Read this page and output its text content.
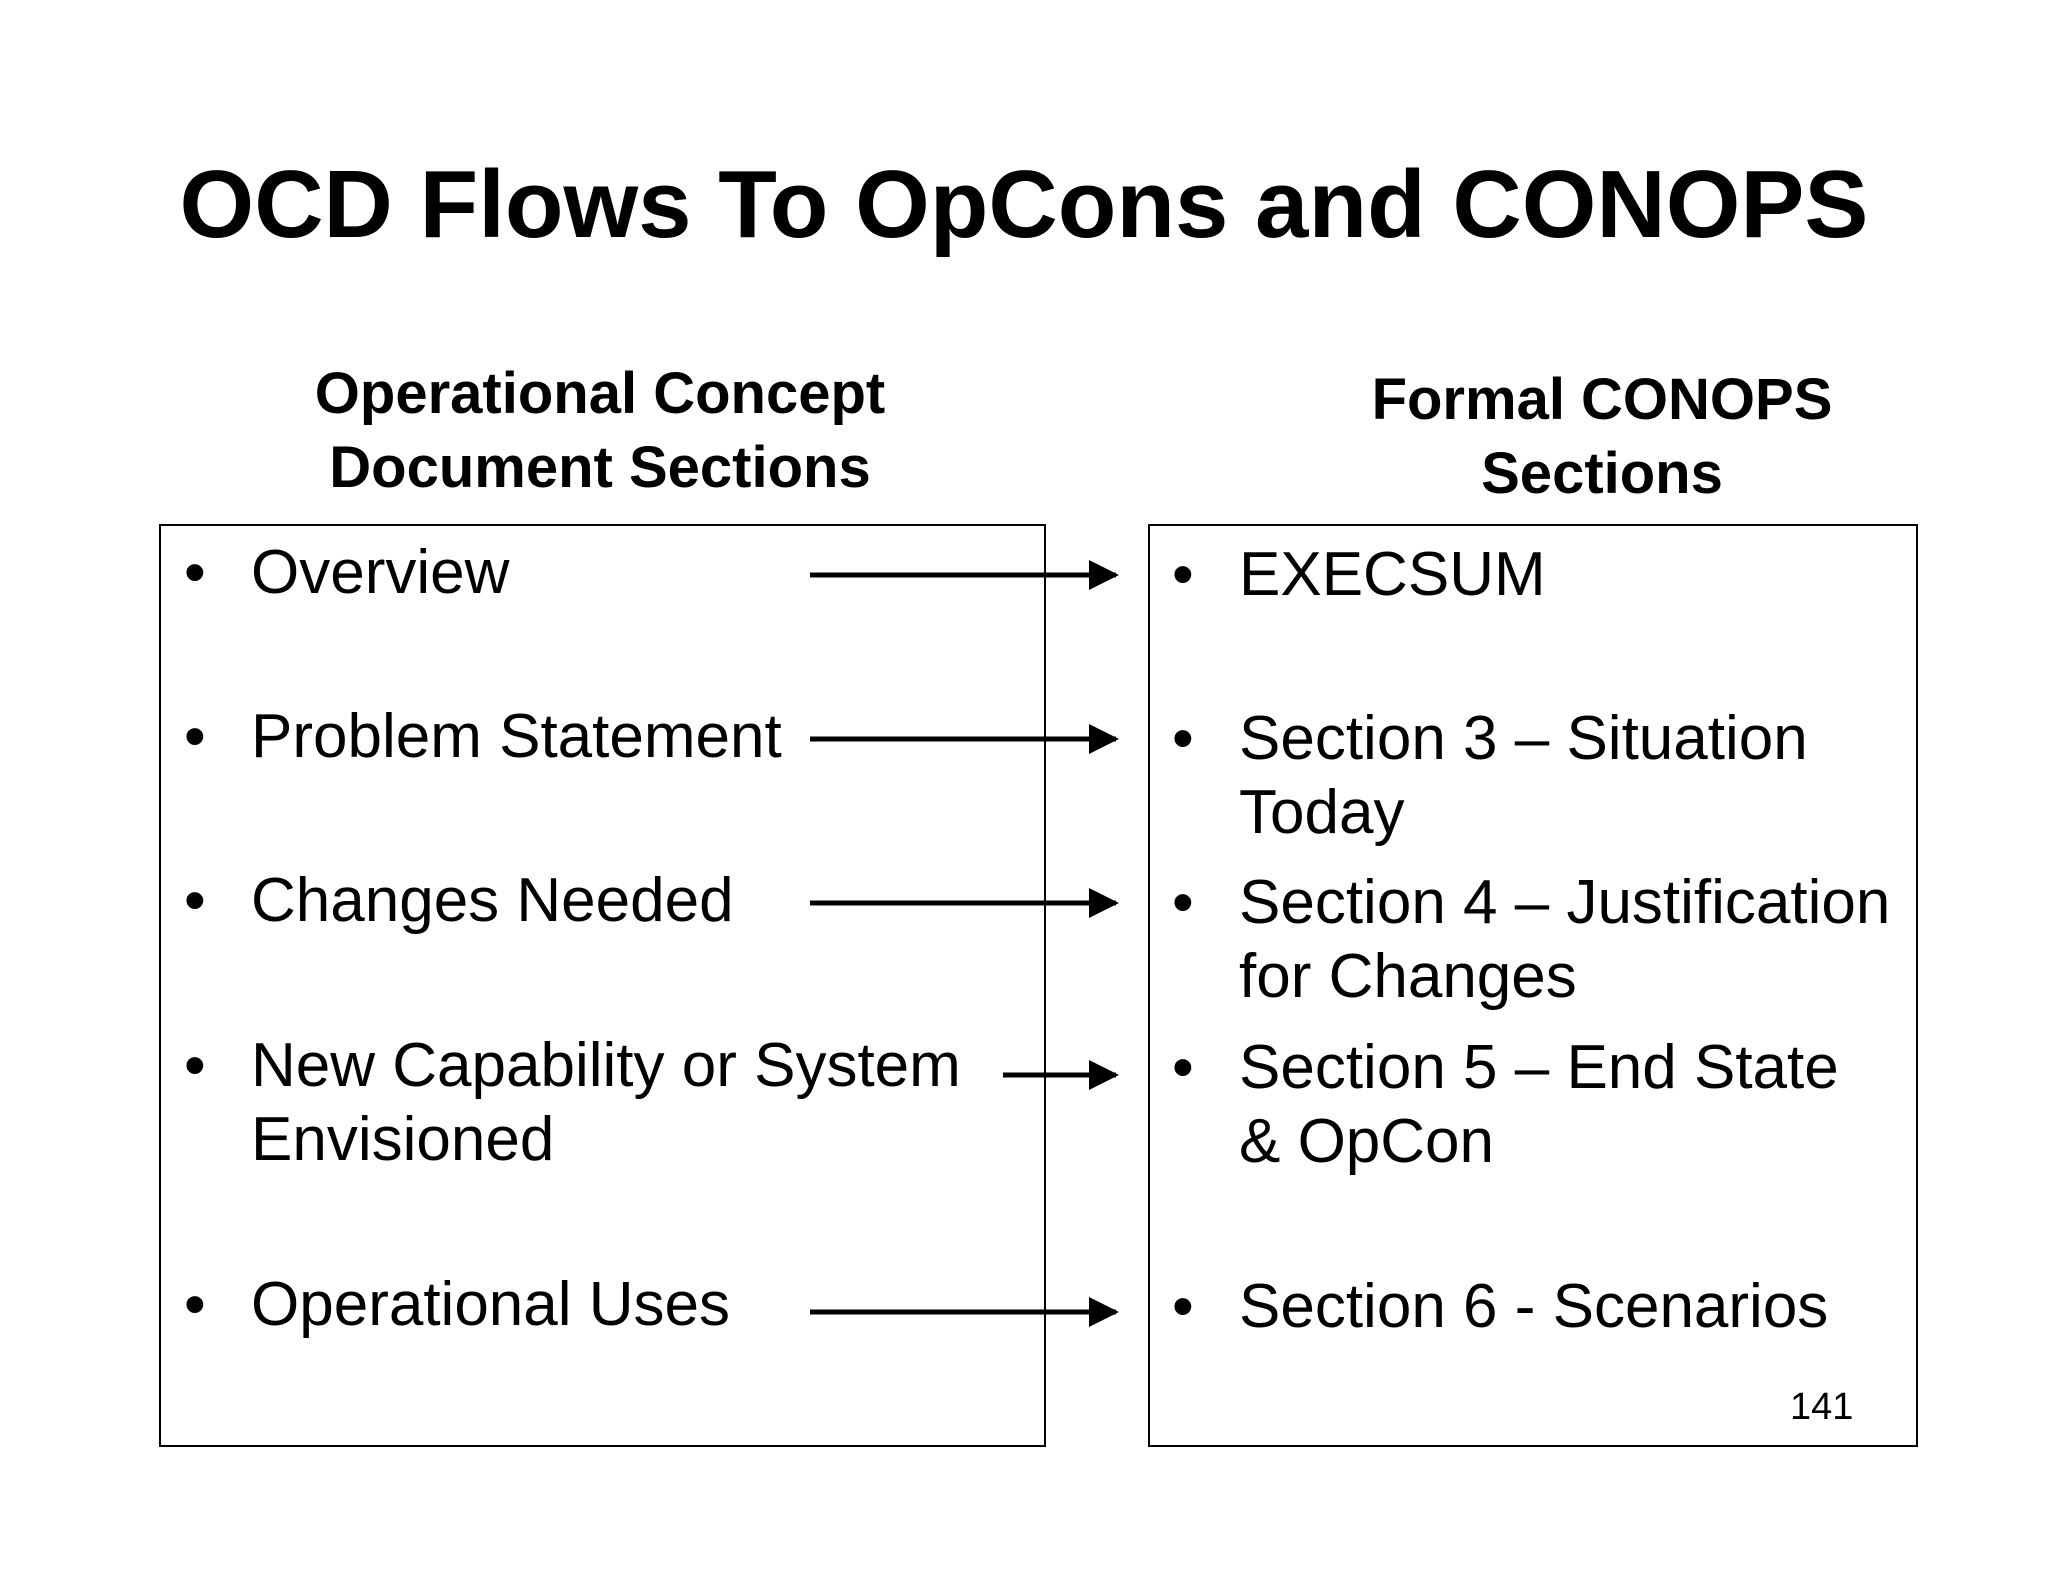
OCD Flows To OpCons and CONOPS
Operational Concept
Document Sections
Formal CONOPS
Sections
• Overview
• Problem Statement
• Changes Needed
• New Capability or System
Envisioned
• Operational Uses
• EXECSUM
• Section 3 – Situation
Today
• Section 4 – Justification
for Changes
• Section 5 – End State
& OpCon
• Section 6 - Scenarios
141
